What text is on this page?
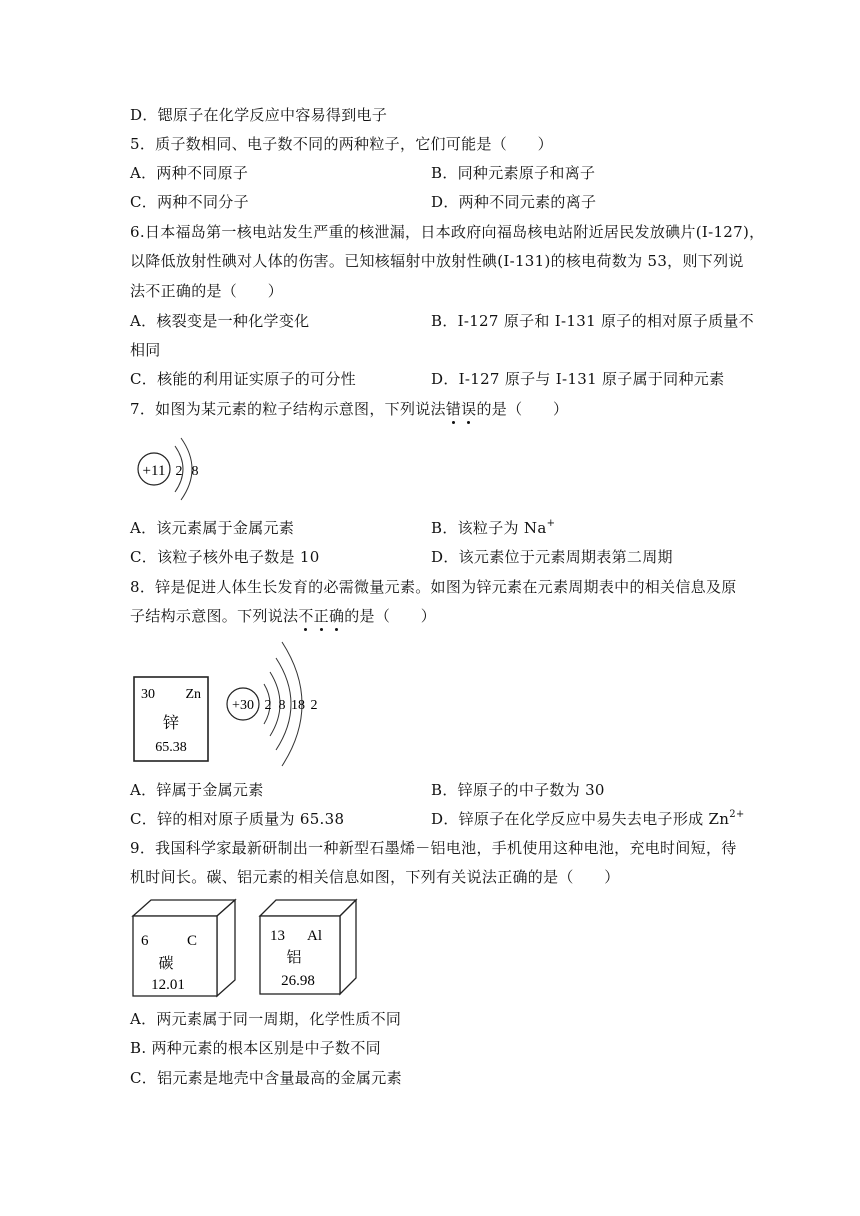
D．锶原子在化学反应中容易得到电子
5．质子数相同、电子数不同的两种粒子，它们可能是（　　）
A．两种不同原子	B．同种元素原子和离子
C．两种不同分子	D．两种不同元素的离子
6.日本福岛第一核电站发生严重的核泄漏，日本政府向福岛核电站附近居民发放碘片(I-127)，
以降低放射性碘对人体的伤害。已知核辐射中放射性碘(I-131)的核电荷数为 53，则下列说
法不正确的是（　　）
A．核裂变是一种化学变化	B．I-127 原子和 I-131 原子的相对原子质量不
相同
C．核能的利用证实原子的可分性	D．I-127 原子与 I-131 原子属于同种元素
7．如图为某元素的粒子结构示意图，下列说法错误的是（　　）
+11 2 8
A．该元素属于金属元素	B．该粒子为 Na+
C．该粒子核外电子数是 10	D．该元素位于元素周期表第二周期
8．锌是促进人体生长发育的必需微量元素。如图为锌元素在元素周期表中的相关信息及原
子结构示意图。下列说法不正确的是（　　）
30 Zn
锌
65.38
+30 2 8 18 2
A．锌属于金属元素	B．锌原子的中子数为 30
C．锌的相对原子质量为 65.38	D．锌原子在化学反应中易失去电子形成 $Zn^{2+}$
9．我国科学家最新研制出一种新型石墨烯－铝电池，手机使用这种电池，充电时间短，待
机时间长。碳、铝元素的相关信息如图，下列有关说法正确的是（　　）
6	C
碳
12.01
13 Al
铝
26.98
A．两元素属于同一周期，化学性质不同
B. 两种元素的根本区别是中子数不同
C．铝元素是地壳中含量最高的金属元素
